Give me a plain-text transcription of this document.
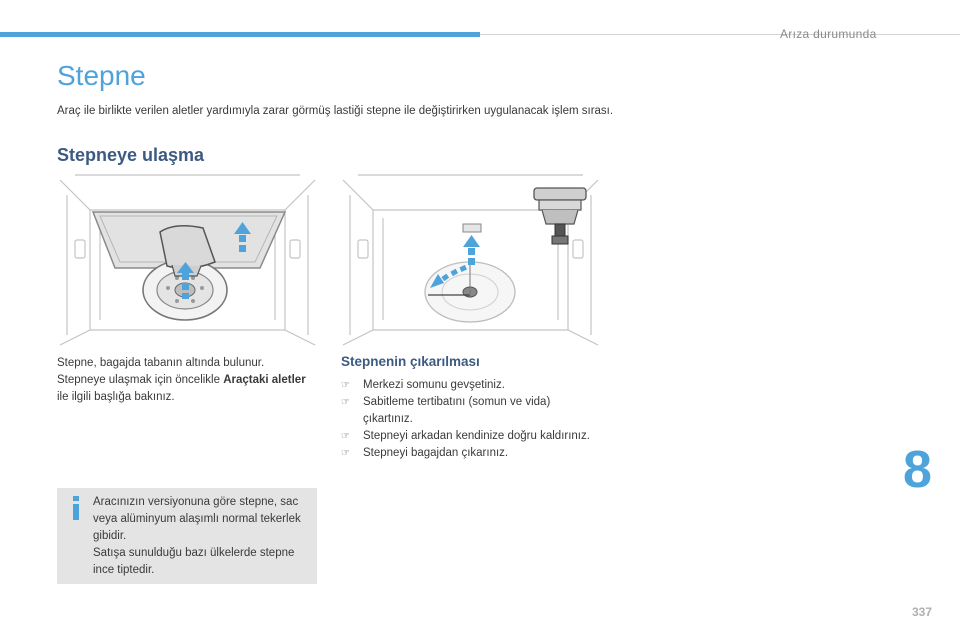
Arıza durumunda
Stepne

Araç ile birlikte verilen aletler yardımıyla zarar görmüş lastiği stepne ile değiştirirken uygulanacak işlem sırası.

Stepneye ulaşma

Stepne, bagajda tabanın altında bulunur.
Stepneye ulaşmak için öncelikle Araçtaki aletler ile ilgili başlığa bakınız.

Stepnenin çıkarılması
☞ Merkezi somunu gevşetiniz.
☞ Sabitleme tertibatını (somun ve vida) çıkartınız.
☞ Stepneyi arkadan kendinize doğru kaldırınız.
☞ Stepneyi bagajdan çıkarınız.

Aracınızın versiyonuna göre stepne, sac veya alüminyum alaşımlı normal tekerlek gibidir.
Satışa sunulduğu bazı ülkelerde stepne ince tiptedir.

8
337
